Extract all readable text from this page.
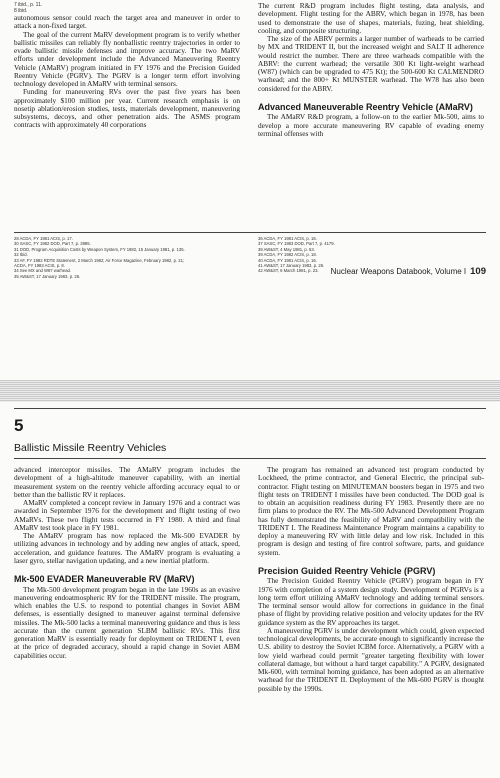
7 ibid., p. 11.
8 ibid.

autonomous sensor could reach the target area and maneuver in order to attack a non-fixed target.

The goal of the current MaRV development program is to verify whether ballistic missiles can reliably fly nonballistic reentry trajectories in order to evade ballistic missile defenses and improve accuracy. The two MaRV efforts under development include the Advanced Maneuvering Reentry Vehicle (AMaRV) program initiated in FY 1976 and the Precision Guided Reentry Vehicle (PGRV). The PGRV is a longer term effort involving technology developed in AMaRV with terminal sensors.

Funding for maneuvering RVs over the past five years has been approximately $100 million per year. Current research emphasis is on nosetip ablation/erosion studies, tests, materials development, maneuvering subsystems, decoys, and other penetration aids. The ASMS program contracts with approximately 40 corporations

The current R&D program includes flight testing, data analysis, and development. Flight testing for the ABRV, which began in 1978, has been used to demonstrate the use of shapes, materials, fuzing, heat shielding, cooling, and composite structuring.

The size of the ABRV permits a larger number of warheads to be carried by MX and TRIDENT II, but the increased weight and SALT II adherence would restrict the number. There are three warheads compatible with the ABRV: the current warhead; the versatile 300 Kt light-weight warhead (W87) (which can be upgraded to 475 Kt); the 500-600 Kt CALMENDRO warhead; and the 800+ Kt MUNSTER warhead. The W78 has also been considered for the ABRV.

Advanced Maneuverable Reentry Vehicle (AMaRV)

The AMaRV R&D program, a follow-on to the earlier Mk-500, aims to develop a more accurate maneuvering RV capable of evading enemy terminal offenses with

28 ACDA, FY 1981 ACIS, p. 17.
30 SASC, FY 1982 DOD, Part 7, p. 3985.
31 DOD, Program Acquisition Costs by Weapon System, FY 1982, 15 January 1981, p. 135.
32 Ibid.
33 AF, FY 1982 RDTE Statement, 2 March 1982; Air Force Magazine, February 1982, p. 21;
ACDA, FY 1983 ACIS, p. 8.
34 See MX and W87 warhead.
35 AW&ST, 17 January 1983, p. 26.
36 ACDA, FY 1981 ACIS, p. 16.
37 SASC, FY 1983 DOD, Part 7, p. 4179.
38 AW&ST, 4 May 1981, p. 53.
39 ACDA, FY 1982 ACIS, p. 18.
40 ACDA, FY 1981 ACIS, p. 16.
41 AW&ST, 17 January 1983, p. 26.
42 AW&ST, 6 March 1981, p. 23.	Nuclear Weapons Databook, Volume I 109
5
Ballistic Missile Reentry Vehicles

advanced interceptor missiles. The AMaRV program includes the development of a high-altitude maneuver capability, with an inertial measurement system on the reentry vehicle affording accuracy equal to or better than the ballistic RV it replaces.

AMaRV completed a concept review in January 1976 and a contract was awarded in September 1976 for the development and flight testing of two AMaRVs. These two flight tests occurred in FY 1980. A third and final AMaRV test took place in FY 1981.

The AMaRV program has now replaced the Mk-500 EVADER by utilizing advances in technology and by adding new angles of attack, speed, acceleration, and guidance features. The AMaRV program is evaluating a laser gyro, stellar navigation updating, and a new inertial platform.

Mk-500 EVADER Maneuverable RV (MaRV)

The Mk-500 development program began in the late 1960s as an evasive maneuvering endoatmospheric RV for the TRIDENT missile. The program, which enables the U.S. to respond to potential changes in Soviet ABM defenses, is essentially designed to maneuver against terminal defensive missiles. The Mk-500 lacks a terminal maneuvering guidance and thus is less accurate than the current generation SLBM ballistic RVs. This first generation MaRV is essentially ready for deployment on TRIDENT I, even at the price of degraded accuracy, should a rapid change in Soviet ABM capabilities occur.

The program has remained an advanced test program conducted by Lockheed, the prime contractor, and General Electric, the principal sub-contractor. Flight testing on MINUTEMAN boosters began in 1975 and two flight tests on TRIDENT I missiles have been conducted. The DOD goal is to obtain an acquisition readiness during FY 1983. Presently there are no firm plans to produce the RV. The Mk-500 Advanced Development Program has fully demonstrated the feasibility of MaRV and compatibility with the TRIDENT I. The Readiness Maintenance Program maintains a capability to deploy a maneuvering RV with little delay and low risk. Included in this program is design and testing of fire control software, parts, and guidance system.

Precision Guided Reentry Vehicle (PGRV)

The Precision Guided Reentry Vehicle (PGRV) program began in FY 1976 with completion of a system design study. Development of PGRVs is a long term effort utilizing AMaRV technology and adding terminal sensors. The terminal sensor would allow for corrections in guidance in the final phase of flight by providing relative position and velocity updates for the RV guidance system as the RV approaches its target.

A maneuvering PGRV is under development which could, given expected technological developments, be accurate enough to significantly increase the U.S. ability to destroy the Soviet ICBM force. Alternatively, a PGRV with a low yield warhead could permit "greater targeting flexibility with lower collateral damage, but without a hard target capability." A PGRV, designated Mk-600, with terminal homing guidance, has been adopted as an alternative warhead for the TRIDENT II. Deployment of the Mk-600 PGRV is thought possible by the 1990s.
